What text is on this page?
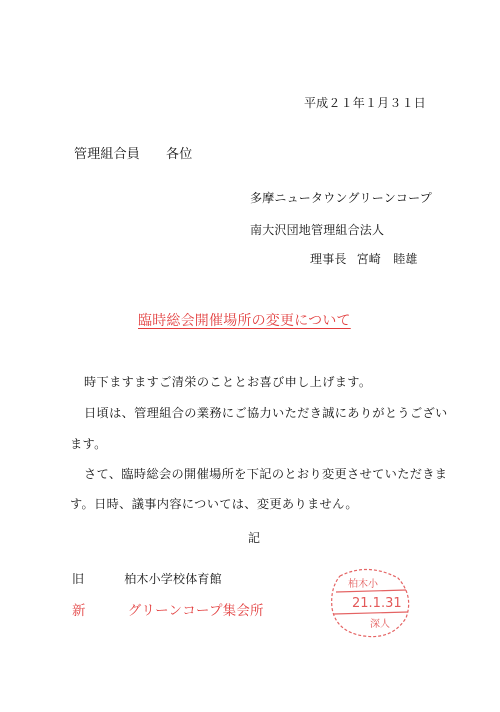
平成２１年１月３１日
管理組合員 各位
多摩ニュータウングリーンコープ
南大沢団地管理組合法人
理事長 宮崎　睦雄
臨時総会開催場所の変更について
時下ますますご清栄のこととお喜び申し上げます。
日頃は、管理組合の業務にご協力いただき誠にありがとうござい
ます。
さて、臨時総会の開催場所を下記のとおり変更させていただきま
す。日時、議事内容については、変更ありません。
記
旧	柏木小学校体育館
新	グリーンコープ集会所
柏木小
21.1.31
深人
